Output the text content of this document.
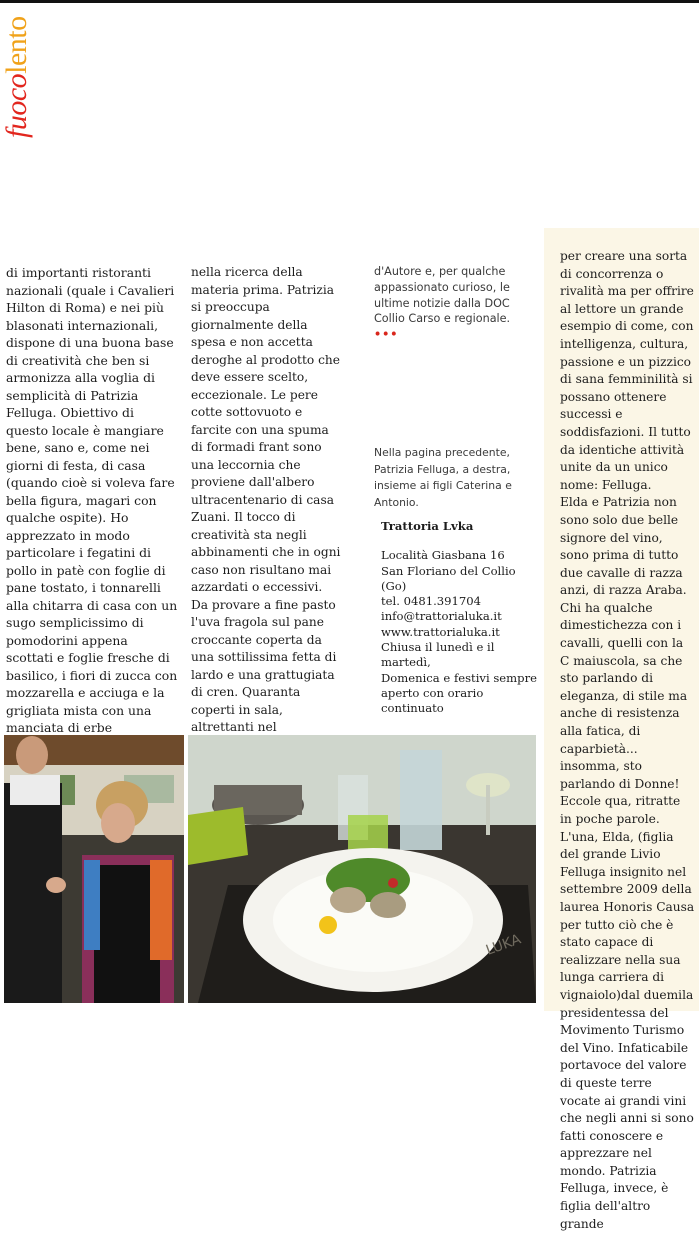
fuocolento

di importanti ristoranti nazionali (quale i Cavalieri Hilton di Roma) e nei più blasonati internazionali, dispone di una buona base di creatività che ben si armonizza alla voglia di semplicità di Patrizia Felluga. Obiettivo di questo locale è mangiare bene, sano e, come nei giorni di festa, di casa (quando cioè si voleva fare bella figura, magari con qualche ospite). Ho apprezzato in modo particolare i fegatini di pollo in patè con foglie di pane tostato, i tonnarelli alla chitarra di casa con un sugo semplicissimo di pomodorini appena scottati e foglie fresche di basilico, i fiori di zucca con mozzarella e acciuga e la grigliata mista con una manciata di erbe

nella ricerca della materia prima. Patrizia si preoccupa giornalmente della spesa e non accetta deroghe al prodotto che deve essere scelto, eccezionale. Le pere cotte sottovuoto e farcite con una spuma di formadi frant sono una leccornia che proviene dall'albero ultracentenario di casa Zuani. Il tocco di creatività sta negli abbinamenti che in ogni caso non risultano mai azzardati o eccessivi. Da provare a fine pasto l'uva fragola sul pane croccante coperta da una sottilissima fetta di lardo e una grattugiata di cren. Quaranta coperti in sala, altrettanti nel

d'Autore e, per qualche appassionato curioso, le ultime notizie dalla DOC Collio Carso e regionale. •••

Nella pagina precedente, Patrizia Felluga, a destra, insieme ai figli Caterina e Antonio.

Trattoria Lvka

Località Giasbana 16

San Floriano del Collio (Go)

tel. 0481.391704

info@trattorialuka.it

www.trattorialuka.it

Chiusa il lunedì e il martedì,

Domenica e festivi sempre aperto con orario continuato

per creare una sorta di concorrenza o rivalità ma per offrire al lettore un grande esempio di come, con intelligenza, cultura, passione e un pizzico di sana femminilità si possano ottenere successi e soddisfazioni. Il tutto da identiche attività unite da un unico nome: Felluga.

Elda e Patrizia non sono solo due belle signore del vino, sono prima di tutto due cavalle di razza anzi, di razza Araba. Chi ha qualche dimestichezza con i cavalli, quelli con la C maiuscola, sa che sto parlando di eleganza, di stile ma anche di resistenza alla fatica, di caparbietà... insomma, sto parlando di Donne!

Eccole qua, ritratte in poche parole. L'una, Elda, (figlia del grande Livio Felluga insignito nel settembre 2009 della laurea Honoris Causa per tutto ciò che è stato capace di realizzare nella sua lunga carriera di vignaiolo)dal duemila presidentessa del Movimento Turismo del Vino. Infaticabile portavoce del valore di queste terre vocate ai grandi vini che negli anni si sono fatti conoscere e apprezzare nel mondo. Patrizia Felluga, invece, è figlia dell'altro grande

LUKA
